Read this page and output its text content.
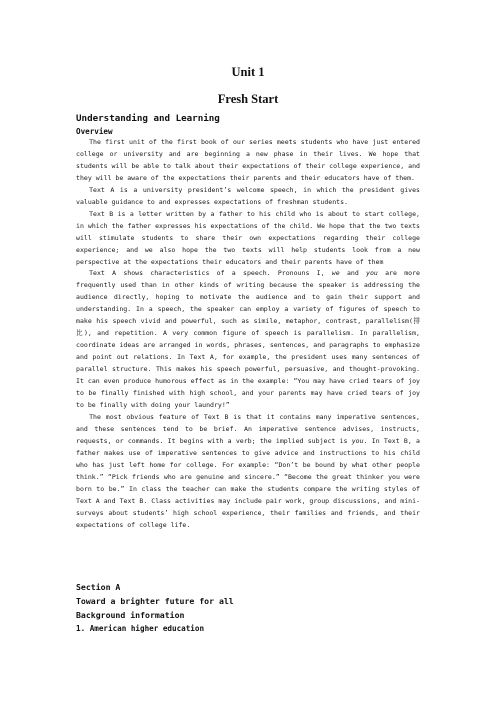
Unit 1
Fresh Start
Understanding and Learning
Overview

The first unit of the first book of our series meets students who have just entered college or university and are beginning a new phase in their lives. We hope that students will be able to talk about their expectations of their college experience, and they will be aware of the expectations their parents and their educators have of them.

Text A is a university president’s welcome speech, in which the president gives valuable guidance to and expresses expectations of freshman students.

Text B is a letter written by a father to his child who is about to start college, in which the father expresses his expectations of the child. We hope that the two texts will stimulate students to share their own expectations regarding their college experience; and we also hope the two texts will help students look from a new perspective at the expectations their educators and their parents have of them

Text A shows characteristics of a speech. Pronouns I, we and you are more frequently used than in other kinds of writing because the speaker is addressing the audience directly, hoping to motivate the audience and to gain their support and understanding. In a speech, the speaker can employ a variety of figures of speech to make his speech vivid and powerful, such as simile, metaphor, contrast, parallelism(排比), and repetition. A very common figure of speech is parallelism. In parallelism, coordinate ideas are arranged in words, phrases, sentences, and paragraphs to emphasize and point out relations. In Text A, for example, the president uses many sentences of parallel structure. This makes his speech powerful, persuasive, and thought-provoking. It can even produce humorous effect as in the example: “You may have cried tears of joy to be finally finished with high school, and your parents may have cried tears of joy to be finally with doing your laundry!”

The most obvious feature of Text B is that it contains many imperative sentences, and these sentences tend to be brief. An imperative sentence advises, instructs, requests, or commands. It begins with a verb; the implied subject is you. In Text B, a father makes use of imperative sentences to give advice and instructions to his child who has just left home for college. For example: “Don’t be bound by what other people think.” “Pick friends who are genuine and sincere.” “Become the great thinker you were born to be.” In class the teacher can make the students compare the writing styles of Text A and Text B. Class activities may include pair work, group discussions, and mini-surveys about students’ high school experience, their families and friends, and their expectations of college life.

Section A
Toward a brighter future for all
Background information
1. American higher education
